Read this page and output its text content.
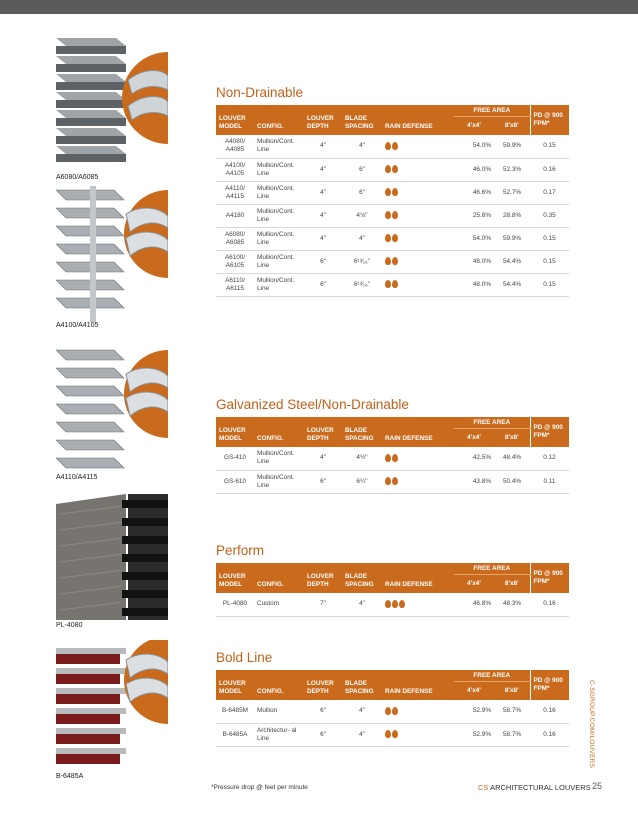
A6080/A6085
A4100/A4105
A4110/A4115
PL-4080
B-6485A
Non-Drainable
LOUVER MODEL	CONFIG.	LOUVER DEPTH	BLADE SPACING	RAIN DEFENSE	FREE AREA		PD @ 900 FPM*
					4'x4'	8'x8'	
A4080/ A4085	Mullion/Cont. Line	4"	4"		54.0%	59.9%	0.15
A4100/ A4105	Mullion/Cont. Line	4"	6"		46.0%	52.3%	0.16
A4110/ A4115	Mullion/Cont. Line	4"	6"		46.6%	52.7%	0.17
A4180	Mullion/Cont. Line	4"	4⅛"		25.6%	28.8%	0.35
A6080/ A6085	Mullion/Cont. Line	4"	4"		54.0%	59.9%	0.15
A6100/ A6105	Mullion/Cont. Line	6"	6¹³⁄₁₆"		48.0%	54.4%	0.15
A6110/ A6115	Mullion/Cont. Line	6"	6¹³⁄₁₆"		48.0%	54.4%	0.15
Galvanized Steel/Non-Drainable
LOUVER MODEL	CONFIG.	LOUVER DEPTH	BLADE SPACING	RAIN DEFENSE	FREE AREA		PD @ 900 FPM*
					4'x4'	8'x8'	
GS-410	Mullion/Cont. Line	4"	4½"		42.5%	48.4%	0.12
GS-610	Mullion/Cont. Line	6"	6¼"		43.8%	50.4%	0.11
Perform
LOUVER MODEL	CONFIG.	LOUVER DEPTH	BLADE SPACING	RAIN DEFENSE	FREE AREA		PD @ 900 FPM*
					4'x4'	8'x8'	
PL-4080	Custom	7"	4"		46.8%	48.3%	0.16
Bold Line
LOUVER MODEL	CONFIG.	LOUVER DEPTH	BLADE SPACING	RAIN DEFENSE	FREE AREA		PD @ 900 FPM*
					4'x4'	8'x8'	
B-6485M	Mullion	6"	4"		52.9%	58.7%	0.16
B-6485A	Architectur- al Line	6"	4"		52.9%	58.7%	0.16
*Pressure drop @ feet per minute	CS ARCHITECTURAL LOUVERS 25
C-SGROUP.COM/LOUVERS
